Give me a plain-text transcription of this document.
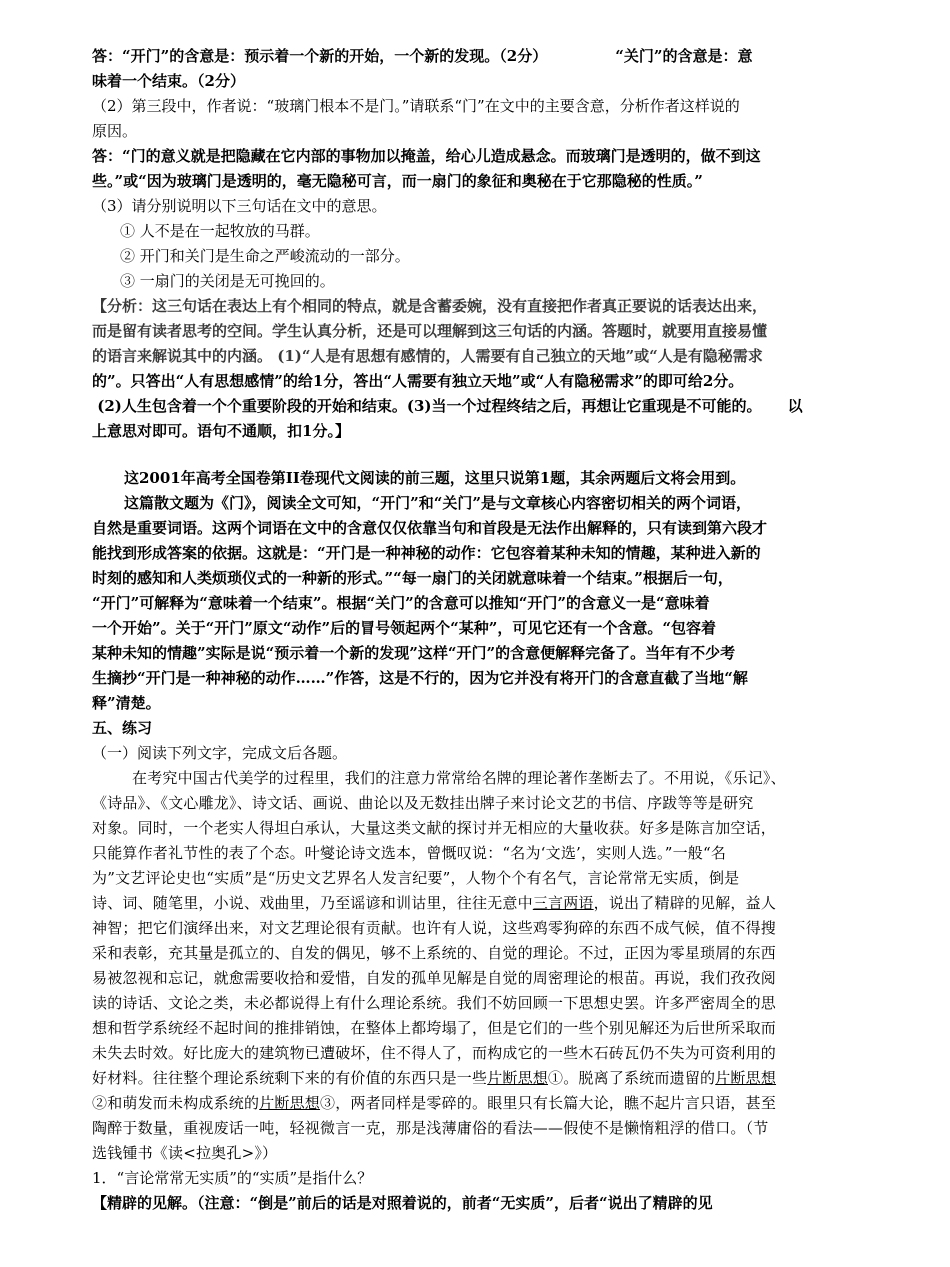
答：“开门”的含意是：预示着一个新的开始，一个新的发现。（2分）	“关门”的含意是：意

味着一个结束。（2分）

（2）第三段中，作者说：“玻璃门根本不是门。”请联系“门”在文中的主要含意，分析作者这样说的

原因。

答：“门的意义就是把隐藏在它内部的事物加以掩盖，给心儿造成悬念。而玻璃门是透明的，做不到这

些。”或“因为玻璃门是透明的，毫无隐秘可言，而一扇门的象征和奥秘在于它那隐秘的性质。”

（3）请分别说明以下三句话在文中的意思。

① 人不是在一起牧放的马群。

② 开门和关门是生命之严峻流动的一部分。

③ 一扇门的关闭是无可挽回的。

【分析：这三句话在表达上有个相同的特点，就是含蓄委婉，没有直接把作者真正要说的话表达出来，

而是留有读者思考的空间。学生认真分析，还是可以理解到这三句话的内涵。答题时，就要用直接易懂

的语言来解说其中的内涵。 (1)“人是有思想有感情的，人需要有自己独立的天地”或“人是有隐秘需求

的”。只答出“人有思想感情”的给1分，答出“人需要有独立天地”或“人有隐秘需求”的即可给2分。

(2)人生包含着一个个重要阶段的开始和结束。(3)当一个过程终结之后，再想让它重现是不可能的。     以

上意思对即可。语句不通顺，扣1分。】

这2001年高考全国卷第II卷现代文阅读的前三题，这里只说第1题，其余两题后文将会用到。

这篇散文题为《门》，阅读全文可知，“开门”和“关门”是与文章核心内容密切相关的两个词语，

自然是重要词语。这两个词语在文中的含意仅仅依靠当句和首段是无法作出解释的，只有读到第六段才

能找到形成答案的依据。这就是：“开门是一种神秘的动作：它包容着某种未知的情趣，某种进入新的

时刻的感知和人类烦琐仪式的一种新的形式。”“每一扇门的关闭就意味着一个结束。”根据后一句，

“开门”可解释为“意味着一个结束”。根据“关门”的含意可以推知“开门”的含意义一是“意味着

一个开始”。关于“开门”原文“动作”后的冒号领起两个“某种”，可见它还有一个含意。“包容着

某种未知的情趣”实际是说“预示着一个新的发现”这样“开门”的含意便解释完备了。当年有不少考

生摘抄“开门是一种神秘的动作……”作答，这是不行的，因为它并没有将开门的含意直截了当地“解

释”清楚。

五、练习

（一）阅读下列文字，完成文后各题。

在考究中国古代美学的过程里，我们的注意力常常给名牌的理论著作垄断去了。不用说，《乐记》、

《诗品》、《文心雕龙》、诗文话、画说、曲论以及无数挂出牌子来讨论文艺的书信、序跋等等是研究

对象。同时，一个老实人得坦白承认，大量这类文献的探讨并无相应的大量收获。好多是陈言加空话，

只能算作者礼节性的表了个态。叶燮论诗文选本，曾慨叹说：“名为‘文选’，实则人选。”一般“名

为”文艺评论史也“实质”是“历史文艺界名人发言纪要”，人物个个有名气，言论常常无实质，倒是

诗、词、随笔里，小说、戏曲里，乃至谣谚和训诂里，往往无意中三言两语，说出了精辟的见解，益人

神智；把它们演绎出来，对文艺理论很有贡献。也许有人说，这些鸡零狗碎的东西不成气候，值不得搜

采和表彰，充其量是孤立的、自发的偶见，够不上系统的、自觉的理论。不过，正因为零星琐屑的东西

易被忽视和忘记，就愈需要收拾和爱惜，自发的孤单见解是自觉的周密理论的根苗。再说，我们孜孜阅

读的诗话、文论之类，未必都说得上有什么理论系统。我们不妨回顾一下思想史罢。许多严密周全的思

想和哲学系统经不起时间的推排销蚀，在整体上都垮塌了，但是它们的一些个别见解还为后世所采取而

未失去时效。好比庞大的建筑物已遭破坏，住不得人了，而构成它的一些木石砖瓦仍不失为可资利用的

好材料。往往整个理论系统剩下来的有价值的东西只是一些片断思想①。脱离了系统而遗留的片断思想

②和萌发而未构成系统的片断思想③，两者同样是零碎的。眼里只有长篇大论，瞧不起片言只语，甚至

陶醉于数量，重视废话一吨，轻视微言一克，那是浅薄庸俗的看法——假使不是懒惰粗浮的借口。（节

选钱锺书《读<拉奥孔>》）

1．“言论常常无实质”的“实质”是指什么？

【精辟的见解。（注意：“倒是”前后的话是对照着说的，前者“无实质”，后者“说出了精辟的见
